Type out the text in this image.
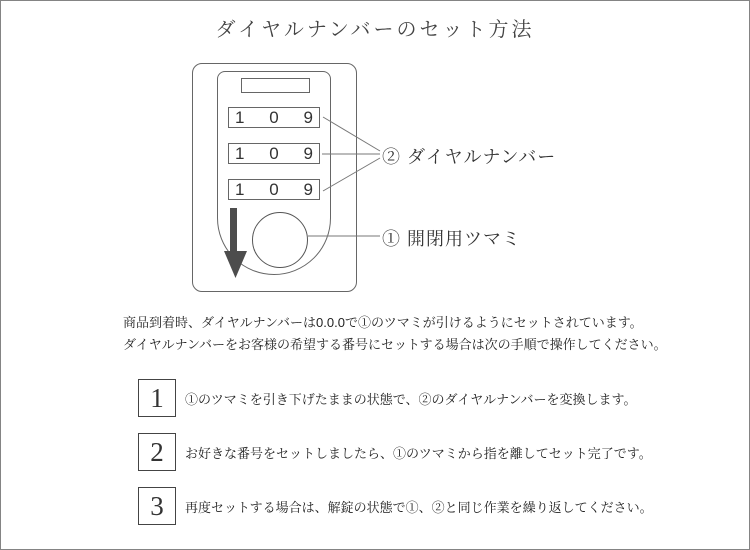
ダイヤルナンバーのセット方法
1 0 9
1 0 9
1 0 9
② ダイヤルナンバー
① 開閉用ツマミ
商品到着時、ダイヤルナンバーは0.0.0で①のツマミが引けるようにセットされています。
ダイヤルナンバーをお客様の希望する番号にセットする場合は次の手順で操作してください。
1 ①のツマミを引き下げたままの状態で、②のダイヤルナンバーを変換します。
2 お好きな番号をセットしましたら、①のツマミから指を離してセット完了です。
3 再度セットする場合は、解錠の状態で①、②と同じ作業を繰り返してください。
